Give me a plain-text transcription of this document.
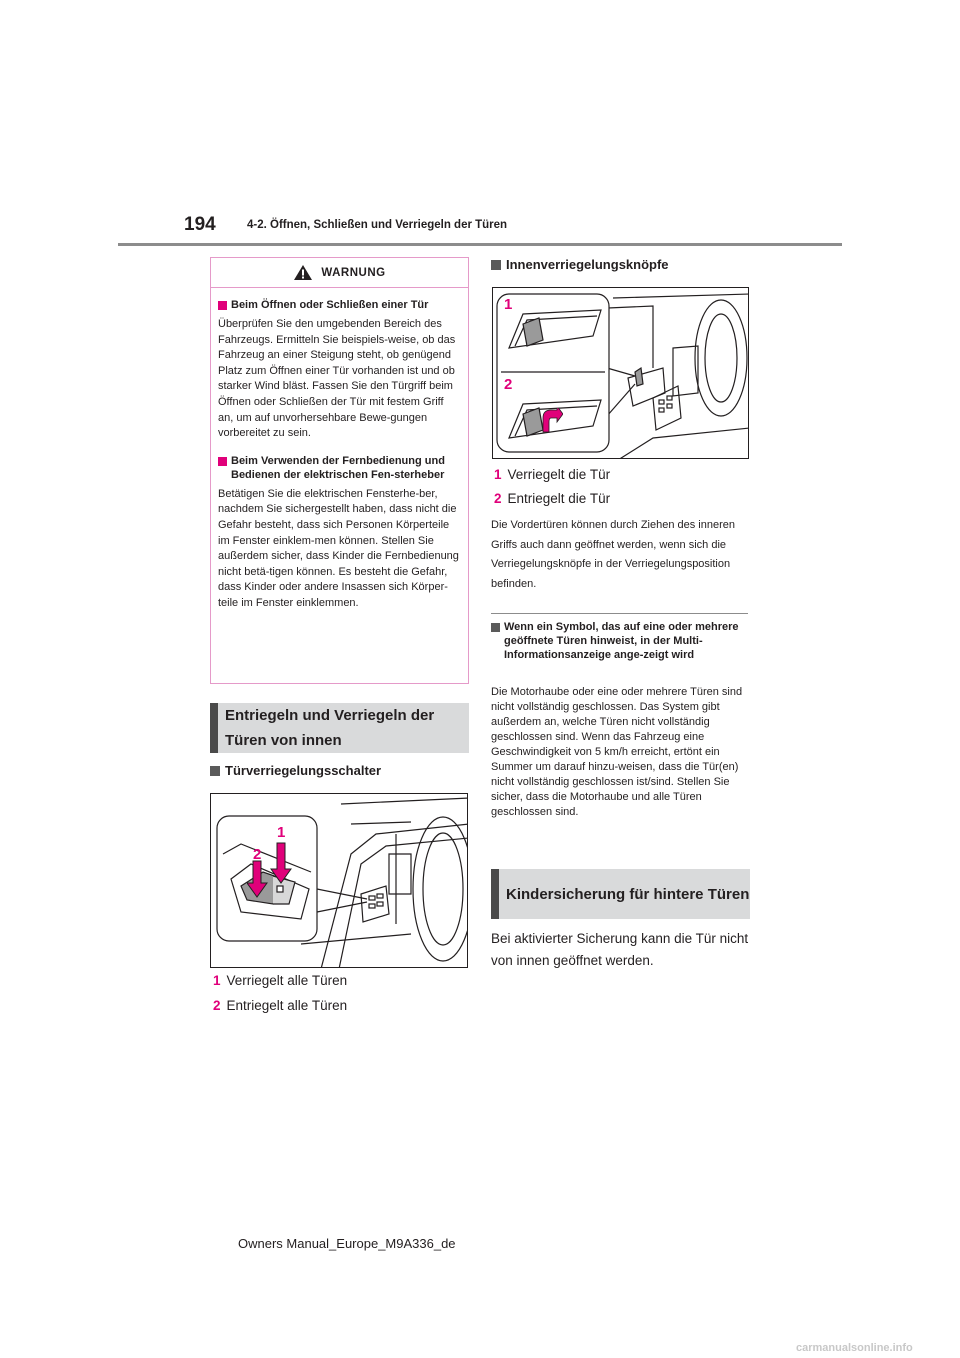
194	4-2. Öffnen, Schließen und Verriegeln der Türen
WARNUNG
Beim Öffnen oder Schließen einer Tür
Überprüfen Sie den umgebenden Bereich des Fahrzeugs. Ermitteln Sie beispiels-weise, ob das Fahrzeug an einer Steigung steht, ob genügend Platz zum Öffnen einer Tür vorhanden ist und ob starker Wind bläst. Fassen Sie den Türgriff beim Öffnen oder Schließen der Tür mit festem Griff an, um auf unvorhersehbare Bewe-gungen vorbereitet zu sein.
Beim Verwenden der Fernbedienung und Bedienen der elektrischen Fen-sterheber
Betätigen Sie die elektrischen Fensterhe-ber, nachdem Sie sichergestellt haben, dass nicht die Gefahr besteht, dass sich Personen Körperteile im Fenster einklem-men können. Stellen Sie außerdem sicher, dass Kinder die Fernbedienung nicht betä-tigen können. Es besteht die Gefahr, dass Kinder oder andere Insassen sich Körper-teile im Fenster einklemmen.
Entriegeln und Verriegeln der Türen von innen
Türverriegelungsschalter
1
2
1 Verriegelt alle Türen
2 Entriegelt alle Türen
Innenverriegelungsknöpfe
1
2
1 Verriegelt die Tür
2 Entriegelt die Tür
Die Vordertüren können durch Ziehen des inneren Griffs auch dann geöffnet werden, wenn sich die Verriegelungsknöpfe in der Verriegelungsposition befinden.
Wenn ein Symbol, das auf eine oder mehrere geöffnete Türen hinweist, in der Multi-Informationsanzeige ange-zeigt wird
Die Motorhaube oder eine oder mehrere Türen sind nicht vollständig geschlossen. Das System gibt außerdem an, welche Türen nicht vollständig geschlossen sind. Wenn das Fahrzeug eine Geschwindigkeit von 5 km/h erreicht, ertönt ein Summer um darauf hinzu-weisen, dass die Tür(en) nicht vollständig geschlossen ist/sind. Stellen Sie sicher, dass die Motorhaube und alle Türen geschlossen sind.
Kindersicherung für hintere Türen
Bei aktivierter Sicherung kann die Tür nicht von innen geöffnet werden.
Owners Manual_Europe_M9A336_de
carmanualsonline.info
